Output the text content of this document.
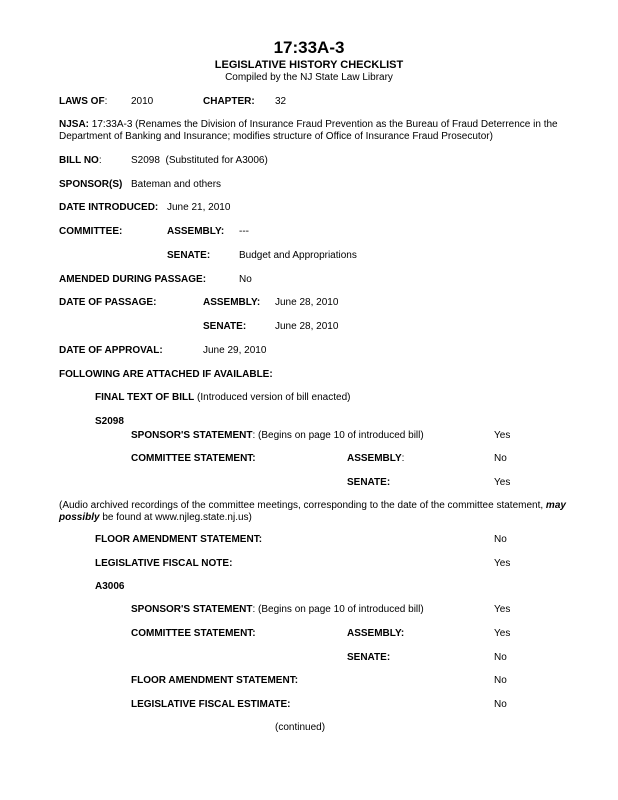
17:33A-3
LEGISLATIVE HISTORY CHECKLIST
Compiled by the NJ State Law Library
LAWS OF: 2010	CHAPTER: 32
NJSA: 17:33A-3 (Renames the Division of Insurance Fraud Prevention as the Bureau of Fraud Deterrence in the Department of Banking and Insurance; modifies structure of Office of Insurance Fraud Prosecutor)
BILL NO:	S2098 (Substituted for A3006)
SPONSOR(S) Bateman and others
DATE INTRODUCED: June 21, 2010
COMMITTEE:	ASSEMBLY: ---
SENATE:	Budget and Appropriations
AMENDED DURING PASSAGE:	No
DATE OF PASSAGE:	ASSEMBLY: June 28, 2010
SENATE:	June 28, 2010
DATE OF APPROVAL:	June 29, 2010
FOLLOWING ARE ATTACHED IF AVAILABLE:
FINAL TEXT OF BILL (Introduced version of bill enacted)
S2098
SPONSOR'S STATEMENT: (Begins on page 10 of introduced bill)	Yes
COMMITTEE STATEMENT:	ASSEMBLY:	No
SENATE:	Yes
(Audio archived recordings of the committee meetings, corresponding to the date of the committee statement, may possibly be found at www.njleg.state.nj.us)
FLOOR AMENDMENT STATEMENT:	No
LEGISLATIVE FISCAL NOTE:	Yes
A3006
SPONSOR'S STATEMENT: (Begins on page 10 of introduced bill)	Yes
COMMITTEE STATEMENT:	ASSEMBLY:	Yes
SENATE:	No
FLOOR AMENDMENT STATEMENT:	No
LEGISLATIVE FISCAL ESTIMATE:	No
(continued)
